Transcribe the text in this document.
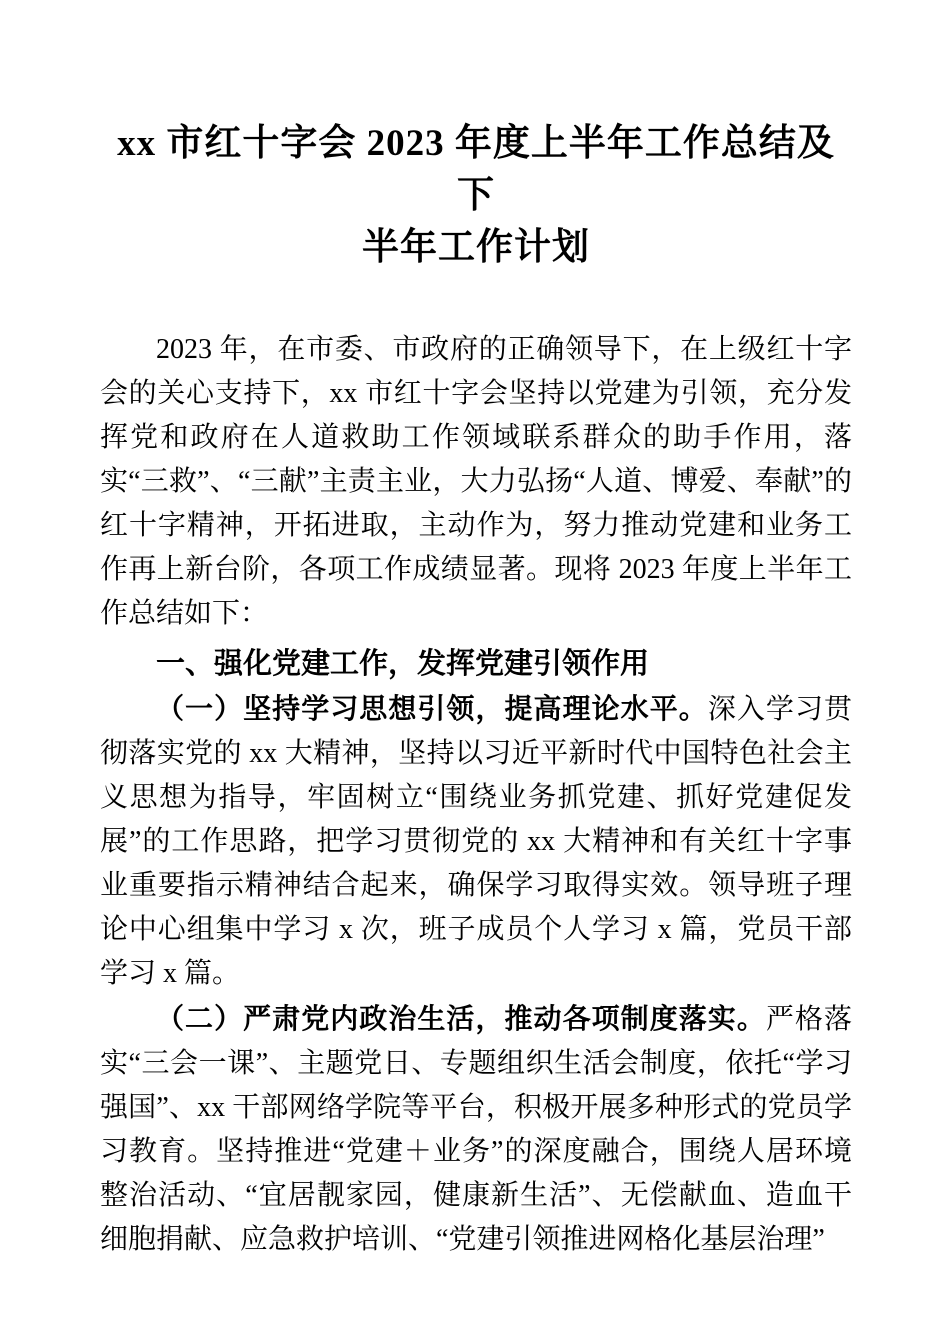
xx 市红十字会 2023 年度上半年工作总结及下
半年工作计划

2023 年，在市委、市政府的正确领导下，在上级红十字会的关心支持下，xx 市红十字会坚持以党建为引领，充分发挥党和政府在人道救助工作领域联系群众的助手作用，落实“三救”、“三献”主责主业，大力弘扬“人道、博爱、奉献”的红十字精神，开拓进取，主动作为，努力推动党建和业务工作再上新台阶，各项工作成绩显著。现将 2023 年度上半年工作总结如下：

一、强化党建工作，发挥党建引领作用

（一）坚持学习思想引领，提高理论水平。深入学习贯彻落实党的 xx 大精神，坚持以习近平新时代中国特色社会主义思想为指导，牢固树立“围绕业务抓党建、抓好党建促发展”的工作思路，把学习贯彻党的 xx 大精神和有关红十字事业重要指示精神结合起来，确保学习取得实效。领导班子理论中心组集中学习 x 次，班子成员个人学习 x 篇，党员干部学习 x 篇。

（二）严肃党内政治生活，推动各项制度落实。严格落实“三会一课”、主题党日、专题组织生活会制度，依托“学习强国”、xx 干部网络学院等平台，积极开展多种形式的党员学习教育。坚持推进“党建＋业务”的深度融合，围绕人居环境整治活动、“宜居靓家园，健康新生活”、无偿献血、造血干细胞捐献、应急救护培训、“党建引领推进网格化基层治理”
